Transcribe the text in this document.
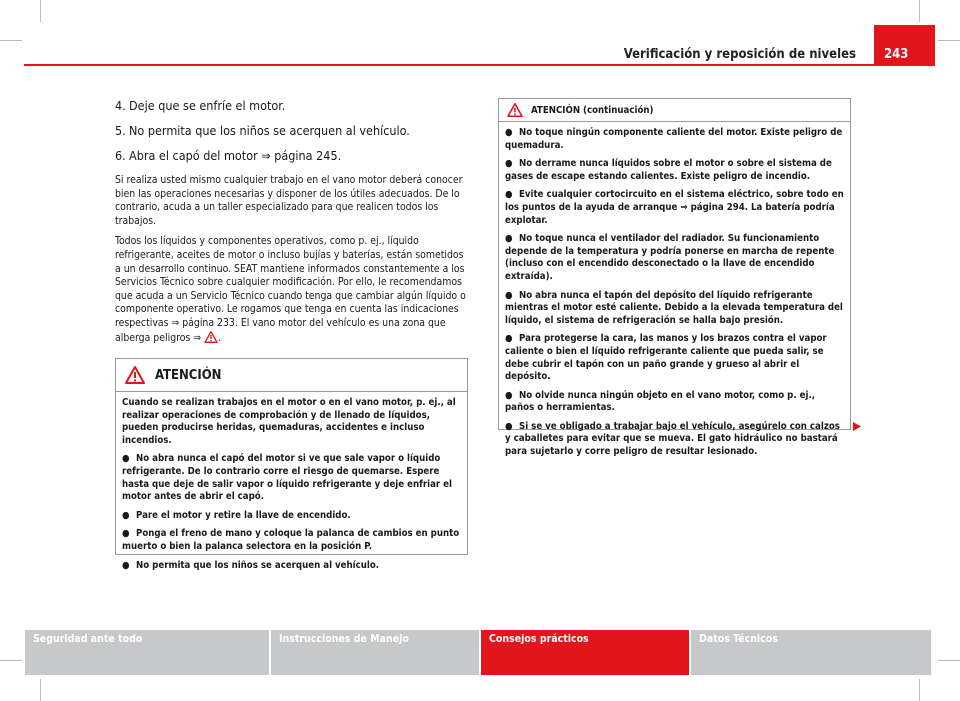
Verificación y reposición de niveles	243
4. Deje que se enfríe el motor.
5. No permita que los niños se acerquen al vehículo.
6. Abra el capó del motor ⇒ página 245.

Si realiza usted mismo cualquier trabajo en el vano motor deberá conocer bien las operaciones necesarias y disponer de los útiles adecuados. De lo contrario, acuda a un taller especializado para que realicen todos los trabajos.

Todos los líquidos y componentes operativos, como p. ej., líquido refrigerante, aceites de motor o incluso bujías y baterías, están sometidos a un desarrollo continuo. SEAT mantiene informados constantemente a los Servicios Técnico sobre cualquier modificación. Por ello, le recomendamos que acuda a un Servicio Técnico cuando tenga que cambiar algún líquido o componente operativo. Le rogamos que tenga en cuenta las indicaciones respectivas ⇒ página 233. El vano motor del vehículo es una zona que alberga peligros ⇒ .

ATENCIÓN

Cuando se realizan trabajos en el motor o en el vano motor, p. ej., al realizar operaciones de comprobación y de llenado de líquidos, pueden producirse heridas, quemaduras, accidentes e incluso incendios.

● No abra nunca el capó del motor si ve que sale vapor o líquido refrigerante. De lo contrario corre el riesgo de quemarse. Espere hasta que deje de salir vapor o líquido refrigerante y deje enfriar el motor antes de abrir el capó.

● Pare el motor y retire la llave de encendido.

● Ponga el freno de mano y coloque la palanca de cambios en punto muerto o bien la palanca selectora en la posición P.

● No permita que los niños se acerquen al vehículo.

ATENCIÓN (continuación)

● No toque ningún componente caliente del motor. Existe peligro de quemadura.

● No derrame nunca líquidos sobre el motor o sobre el sistema de gases de escape estando calientes. Existe peligro de incendio.

● Evite cualquier cortocircuito en el sistema eléctrico, sobre todo en los puntos de la ayuda de arranque ⇒ página 294. La batería podría explotar.

● No toque nunca el ventilador del radiador. Su funcionamiento depende de la temperatura y podría ponerse en marcha de repente (incluso con el encendido desconectado o la llave de encendido extraída).

● No abra nunca el tapón del depósito del líquido refrigerante mientras el motor esté caliente. Debido a la elevada temperatura del líquido, el sistema de refrigeración se halla bajo presión.

● Para protegerse la cara, las manos y los brazos contra el vapor caliente o bien el líquido refrigerante caliente que pueda salir, se debe cubrir el tapón con un paño grande y grueso al abrir el depósito.

● No olvide nunca ningún objeto en el vano motor, como p. ej., paños o herramientas.

● Si se ve obligado a trabajar bajo el vehículo, asegúrelo con calzos y caballetes para evitar que se mueva. El gato hidráulico no bastará para sujetarlo y corre peligro de resultar lesionado.

Seguridad ante todo	Instrucciones de Manejo	Consejos prácticos	Datos Técnicos
